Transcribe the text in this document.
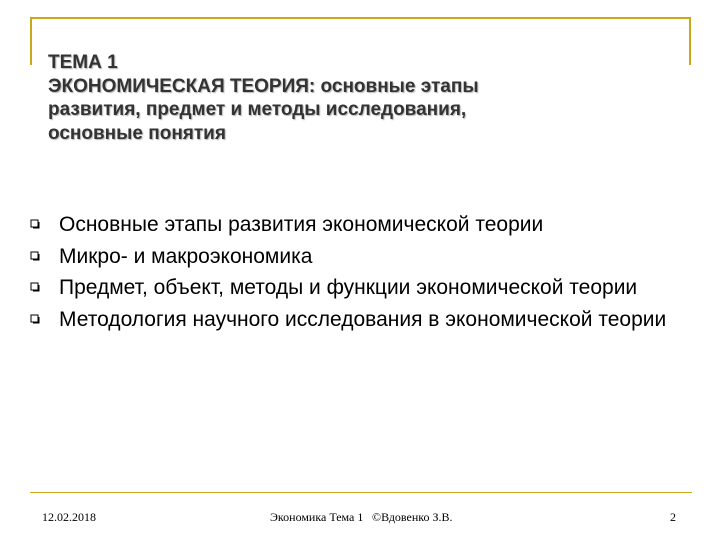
ТЕМА 1
ЭКОНОМИЧЕСКАЯ ТЕОРИЯ: основные этапы
развития, предмет и методы исследования,
основные понятия
Основные этапы развития экономической теории
Микро- и макроэкономика
Предмет, объект, методы и функции экономической теории
Методология научного исследования в экономической теории
12.02.2018	Экономика Тема 1 ©Вдовенко З.В.	2
